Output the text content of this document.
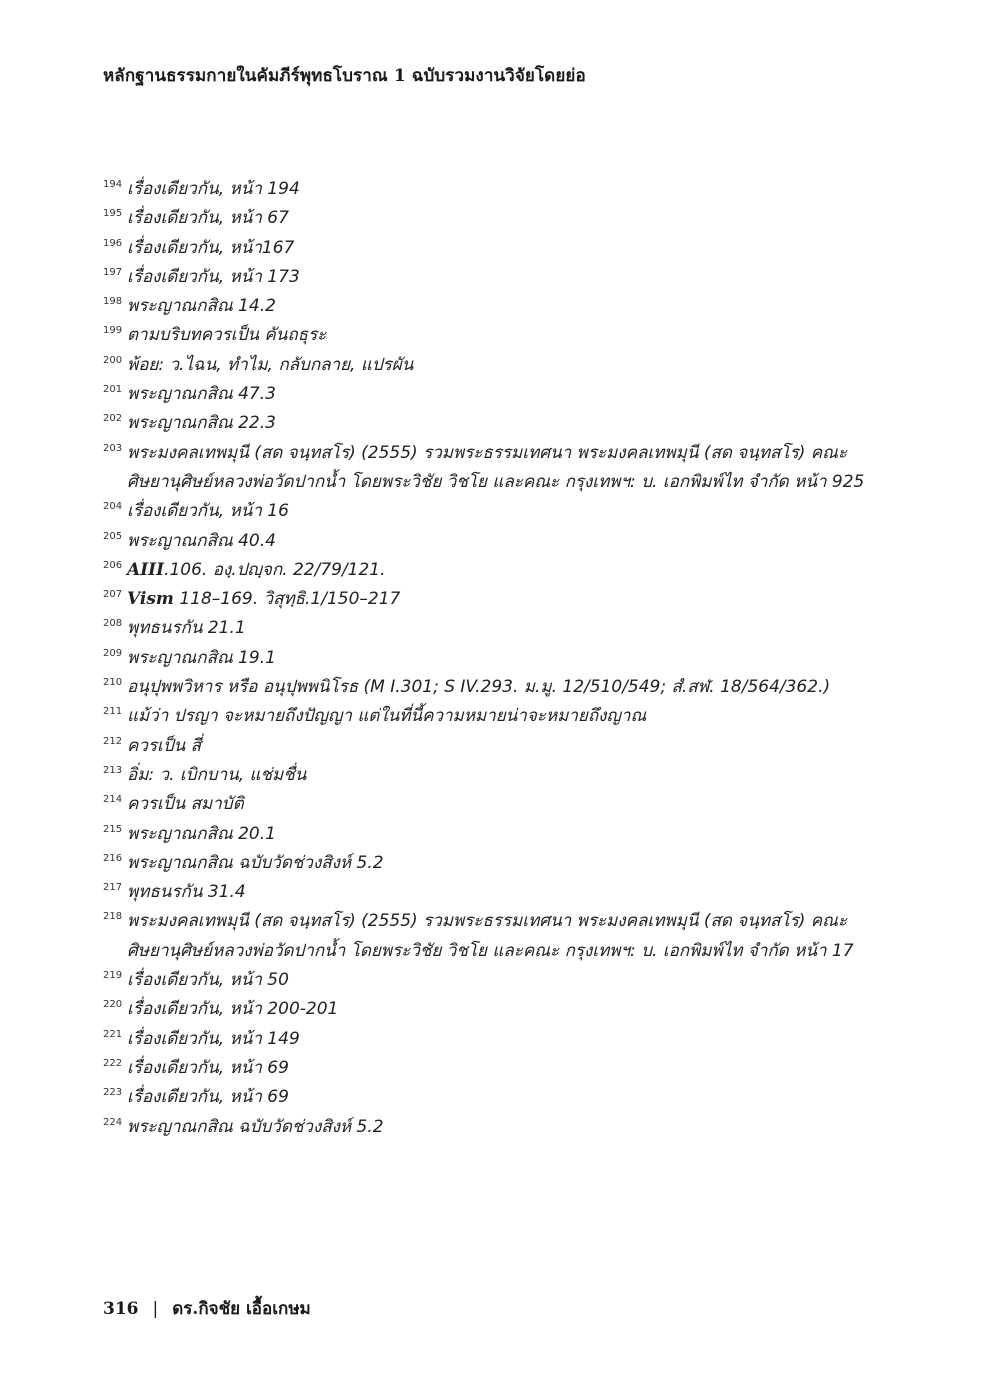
หลักฐานธรรมกายในคัมภีร์พุทธโบราณ 1 ฉบับรวมงานวิจัยโดยย่อ
194 เรื่องเดียวกัน, หน้า 194
195 เรื่องเดียวกัน, หน้า 67
196 เรื่องเดียวกัน, หน้า167
197 เรื่องเดียวกัน, หน้า 173
198 พระญาณกสิณ 14.2
199 ตามบริบทควรเป็น คันถธุระ
200 พ้อย: ว.ไฉน, ทำไม, กลับกลาย, แปรผัน
201 พระญาณกสิณ 47.3
202 พระญาณกสิณ 22.3
203 พระมงคลเทพมุนี (สด จนฺทสโร) (2555) รวมพระธรรมเทศนา พระมงคลเทพมุนี (สด จนฺทสโร) คณะศิษยานุศิษย์หลวงพ่อวัดปากน้ำ โดยพระวิชัย วิชโย และคณะ กรุงเทพฯ: บ. เอกพิมพ์ไท จำกัด หน้า 925
204 เรื่องเดียวกัน, หน้า 16
205 พระญาณกสิณ 40.4
206 AIII.106. องฺ.ปญฺจก. 22/79/121.
207 Vism 118–169. วิสุทฺธิ.1/150–217
208 พุทธนรกัน 21.1
209 พระญาณกสิณ 19.1
210 อนุปุพพวิหาร หรือ อนุปุพพนิโรธ (M I.301; S IV.293. ม.มู. 12/510/549; สํ.สฬ. 18/564/362.)
211 แม้ว่า ปรญา จะหมายถึงปัญญา แต่ในที่นี้ความหมายน่าจะหมายถึงญาณ
212 ควรเป็น สี่
213 อิ่ม: ว. เบิกบาน, แช่มชื่น
214 ควรเป็น สมาบัติ
215 พระญาณกสิณ 20.1
216 พระญาณกสิณ ฉบับวัดช่วงสิงห์ 5.2
217 พุทธนรกัน 31.4
218 พระมงคลเทพมุนี (สด จนฺทสโร) (2555) รวมพระธรรมเทศนา พระมงคลเทพมุนี (สด จนฺทสโร) คณะศิษยานุศิษย์หลวงพ่อวัดปากน้ำ โดยพระวิชัย วิชโย และคณะ กรุงเทพฯ: บ. เอกพิมพ์ไท จำกัด หน้า 17
219 เรื่องเดียวกัน, หน้า 50
220 เรื่องเดียวกัน, หน้า 200-201
221 เรื่องเดียวกัน, หน้า 149
222 เรื่องเดียวกัน, หน้า 69
223 เรื่องเดียวกัน, หน้า 69
224 พระญาณกสิณ ฉบับวัดช่วงสิงห์ 5.2
316 | ดร.กิจชัย เอื้อเกษม
